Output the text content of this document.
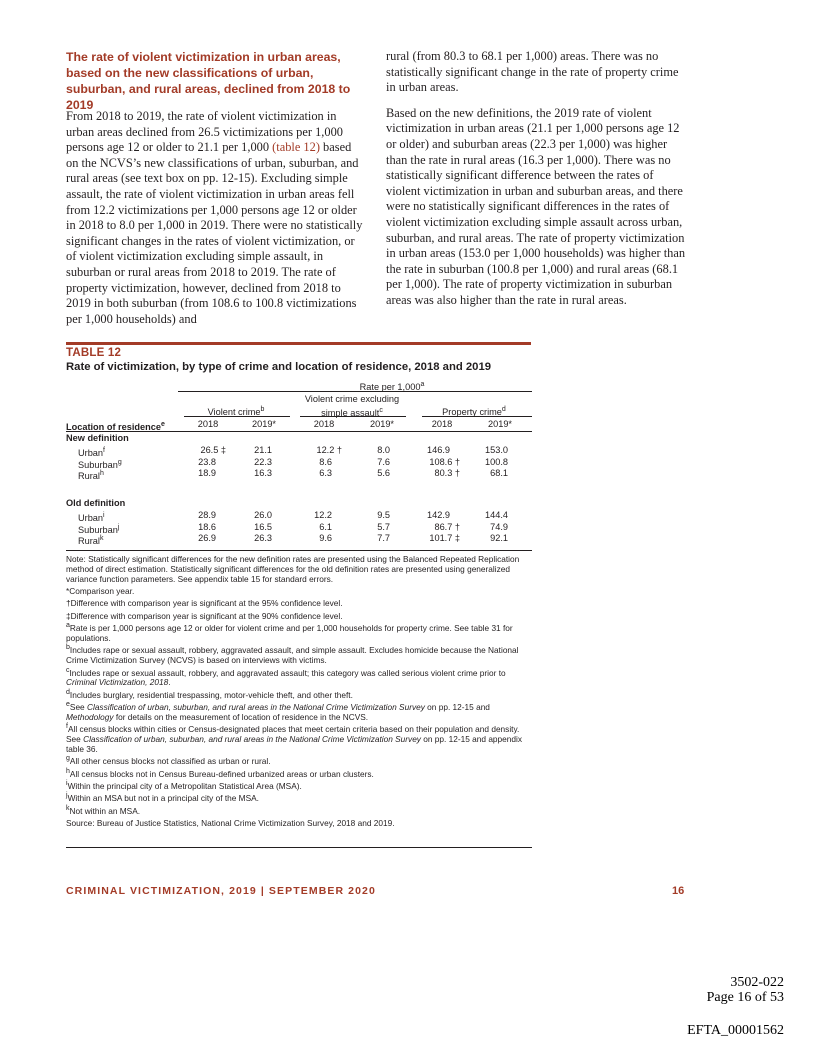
The rate of violent victimization in urban areas, based on the new classifications of urban, suburban, and rural areas, declined from 2018 to 2019

From 2018 to 2019, the rate of violent victimization in urban areas declined from 26.5 victimizations per 1,000 persons age 12 or older to 21.1 per 1,000 (table 12) based on the NCVS’s new classifications of urban, suburban, and rural areas (see text box on pp. 12-15). Excluding simple assault, the rate of violent victimization in urban areas fell from 12.2 victimizations per 1,000 persons age 12 or older in 2018 to 8.0 per 1,000 in 2019. There were no statistically significant changes in the rates of violent victimization, or of violent victimization excluding simple assault, in suburban or rural areas from 2018 to 2019. The rate of property victimization, however, declined from 2018 to 2019 in both suburban (from 108.6 to 100.8 victimizations per 1,000 households) and

rural (from 80.3 to 68.1 per 1,000) areas. There was no statistically significant change in the rate of property crime in urban areas.

Based on the new definitions, the 2019 rate of violent victimization in urban areas (21.1 per 1,000 persons age 12 or older) and suburban areas (22.3 per 1,000) was higher than the rate in rural areas (16.3 per 1,000). There was no statistically significant difference between the rates of violent victimization in urban and suburban areas, and there were no statistically significant differences in the rates of violent victimization excluding simple assault across urban, suburban, and rural areas. The rate of property victimization in urban areas (153.0 per 1,000 households) was higher than the rate in suburban (100.8 per 1,000) and rural areas (68.1 per 1,000). The rate of property victimization in suburban areas was also higher than the rate in rural areas.

TABLE 12
Rate of victimization, by type of crime and location of residence, 2018 and 2019
Rate per 1,000$^a$
Violent crime$^b$
Violent crime excluding
simple assault$^c$	Property crime$^d$
Location of residence$^e$	2018	2019*	2018	2019*	2018	2019*
New definition
Urban$^f$	26.5 ‡	21.1	12.2 †	8.0	146.9	153.0
Suburban$^g$	23.8	22.3	8.6	7.6	108.6 †	100.8
Rural$^h$	18.9	16.3	6.3	5.6	80.3 †	68.1
Old definition
Urban$^i$	28.9	26.0	12.2	9.5	142.9	144.4
Suburban$^j$	18.6	16.5	6.1	5.7	86.7 †	74.9
Rural$^k$	26.9	26.3	9.6	7.7	101.7 ‡	92.1

Note: Statistically significant differences for the new definition rates are presented using the Balanced Repeated Replication method of direct estimation. Statistically significant differences for the old definition rates are presented using generalized variance function parameters. See appendix table 15 for standard errors.

*Comparison year.

†Difference with comparison year is significant at the 95% confidence level.

‡Difference with comparison year is significant at the 90% confidence level.

$^a$Rate is per 1,000 persons age 12 or older for violent crime and per 1,000 households for property crime. See table 31 for populations.

$^b$Includes rape or sexual assault, robbery, aggravated assault, and simple assault. Excludes homicide because the National Crime Victimization Survey (NCVS) is based on interviews with victims.

$^c$Includes rape or sexual assault, robbery, and aggravated assault; this category was called serious violent crime prior to Criminal Victimization, 2018.

$^d$Includes burglary, residential trespassing, motor-vehicle theft, and other theft.

$^e$See Classification of urban, suburban, and rural areas in the National Crime Victimization Survey on pp. 12-15 and Methodology for details on the measurement of location of residence in the NCVS.

$^f$All census blocks within cities or Census-designated places that meet certain criteria based on their population and density. See Classification of urban, suburban, and rural areas in the National Crime Victimization Survey on pp. 12-15 and appendix table 36.

$^g$All other census blocks not classified as urban or rural.

$^h$All census blocks not in Census Bureau-defined urbanized areas or urban clusters.

$^i$Within the principal city of a Metropolitan Statistical Area (MSA).

$^j$Within an MSA but not in a principal city of the MSA.

$^k$Not within an MSA.

Source: Bureau of Justice Statistics, National Crime Victimization Survey, 2018 and 2019.

CRIMINAL VICTIMIZATION, 2019 | SEPTEMBER 2020	16
3502-022
Page 16 of 53
EFTA_00001562
